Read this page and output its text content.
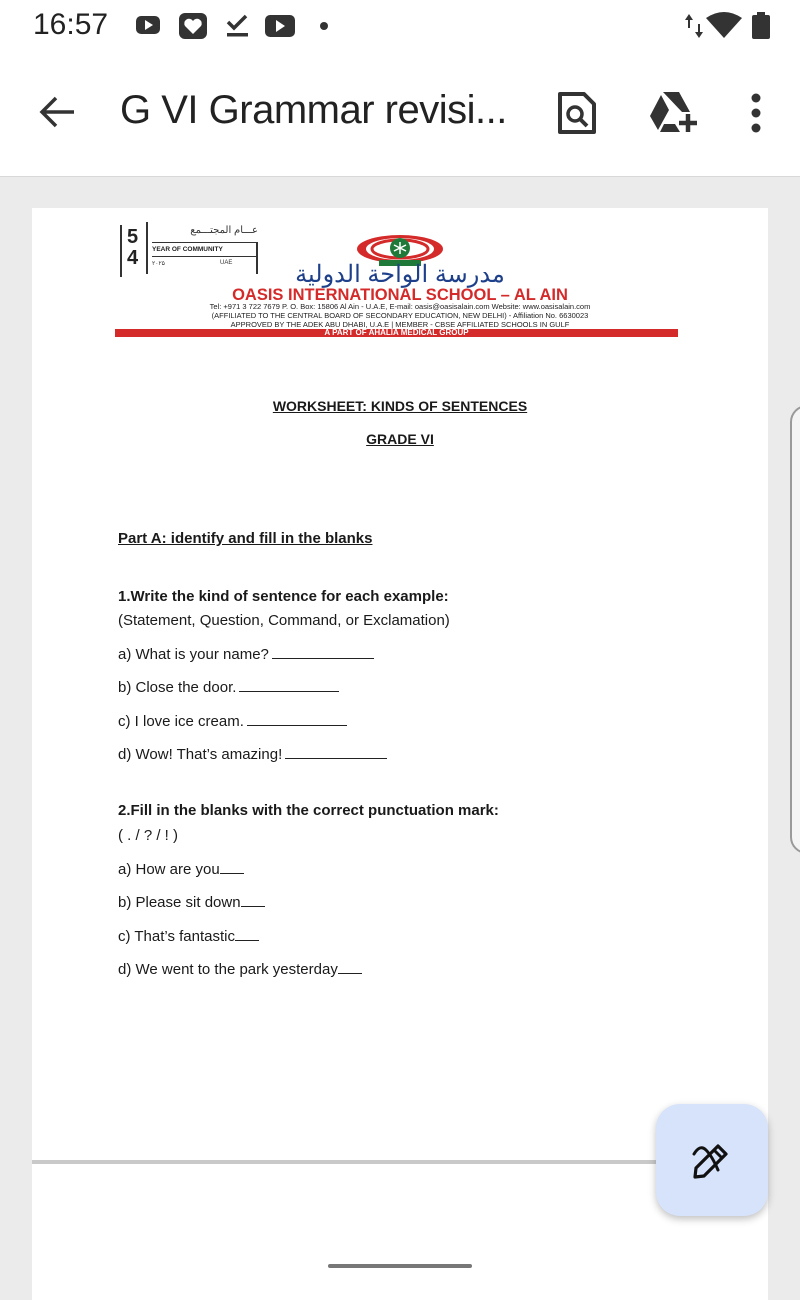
16:57
G VI Grammar revisi...
54
عـــام المجتـــمع
YEAR OF COMMUNITY
۲۰۲۵	UAE	مدرسة الواحة الدولية
OASIS INTERNATIONAL SCHOOL – AL AIN
Tel: +971 3 722 7679 P. O. Box: 15806 Al Ain - U.A.E, E-mail: oasis@oasisalain.com Website: www.oasisalain.com
(AFFILIATED TO THE CENTRAL BOARD OF SECONDARY EDUCATION, NEW DELHI) - Affiliation No. 6630023
APPROVED BY THE ADEK ABU DHABI, U.A.E | MEMBER - CBSE AFFILIATED SCHOOLS IN GULF
A PART OF AHALIA MEDICAL GROUP
WORKSHEET: KINDS OF SENTENCES
GRADE VI
Part A: identify and fill in the blanks
1.Write the kind of sentence for each example:
(Statement, Question, Command, or Exclamation)
a) What is your name?
b) Close the door.
c) I love ice cream.
d) Wow! That’s amazing!
2.Fill in the blanks with the correct punctuation mark:
( . / ? / ! )
a) How are you
b) Please sit down
c) That’s fantastic
d) We went to the park yesterday
